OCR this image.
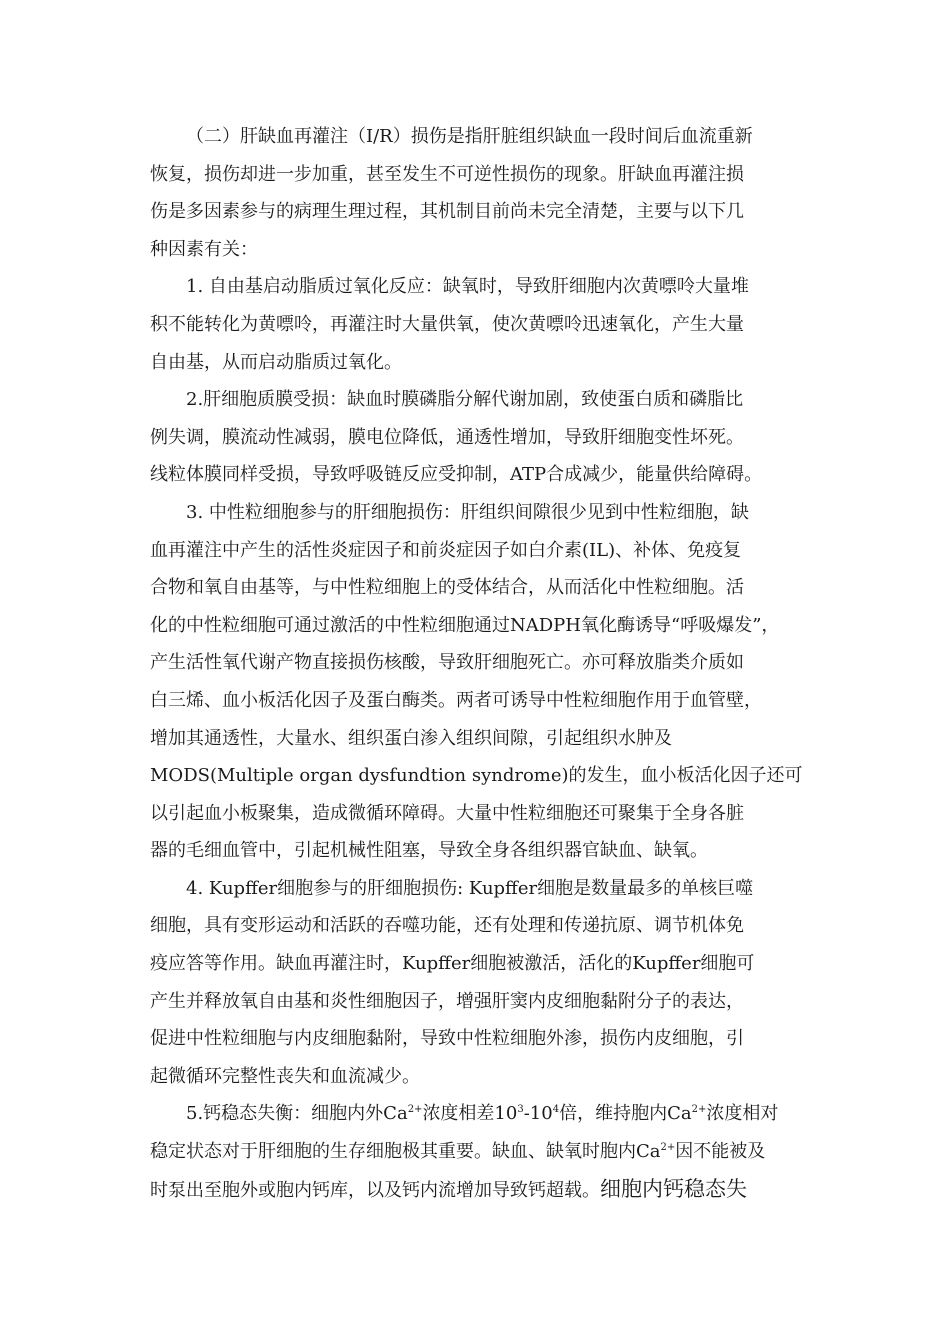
（二）肝缺血再灌注（I/R）损伤是指肝脏组织缺血一段时间后血流重新
恢复，损伤却进一步加重，甚至发生不可逆性损伤的现象。肝缺血再灌注损
伤是多因素参与的病理生理过程，其机制目前尚未完全清楚，主要与以下几
种因素有关：
1. 自由基启动脂质过氧化反应：缺氧时，导致肝细胞内次黄嘌呤大量堆
积不能转化为黄嘌呤，再灌注时大量供氧，使次黄嘌呤迅速氧化，产生大量
自由基，从而启动脂质过氧化。
2.肝细胞质膜受损：缺血时膜磷脂分解代谢加剧，致使蛋白质和磷脂比
例失调，膜流动性减弱，膜电位降低，通透性增加，导致肝细胞变性坏死。
线粒体膜同样受损，导致呼吸链反应受抑制，ATP合成减少，能量供给障碍。
3. 中性粒细胞参与的肝细胞损伤：肝组织间隙很少见到中性粒细胞，缺
血再灌注中产生的活性炎症因子和前炎症因子如白介素(IL)、补体、免疫复
合物和氧自由基等，与中性粒细胞上的受体结合，从而活化中性粒细胞。活
化的中性粒细胞可通过激活的中性粒细胞通过NADPH氧化酶诱导“呼吸爆发”，
产生活性氧代谢产物直接损伤核酸，导致肝细胞死亡。亦可释放脂类介质如
白三烯、血小板活化因子及蛋白酶类。两者可诱导中性粒细胞作用于血管壁，
增加其通透性，大量水、组织蛋白渗入组织间隙，引起组织水肿及
MODS(Multiple organ dysfundtion syndrome)的发生，血小板活化因子还可
以引起血小板聚集，造成微循环障碍。大量中性粒细胞还可聚集于全身各脏
器的毛细血管中，引起机械性阻塞，导致全身各组织器官缺血、缺氧。
4. Kupffer细胞参与的肝细胞损伤: Kupffer细胞是数量最多的单核巨噬
细胞，具有变形运动和活跃的吞噬功能，还有处理和传递抗原、调节机体免
疫应答等作用。缺血再灌注时，Kupffer细胞被激活，活化的Kupffer细胞可
产生并释放氧自由基和炎性细胞因子，增强肝窦内皮细胞黏附分子的表达，
促进中性粒细胞与内皮细胞黏附，导致中性粒细胞外渗，损伤内皮细胞，引
起微循环完整性丧失和血流减少。
5.钙稳态失衡：细胞内外$Ca^{2+}$浓度相差$10^3-10^4$倍，维持胞内$Ca^{2+}$浓度相对
稳定状态对于肝细胞的生存细胞极其重要。缺血、缺氧时胞内$Ca^{2+}$因不能被及
时泵出至胞外或胞内钙库，以及钙内流增加导致钙超载。细胞内钙稳态失
